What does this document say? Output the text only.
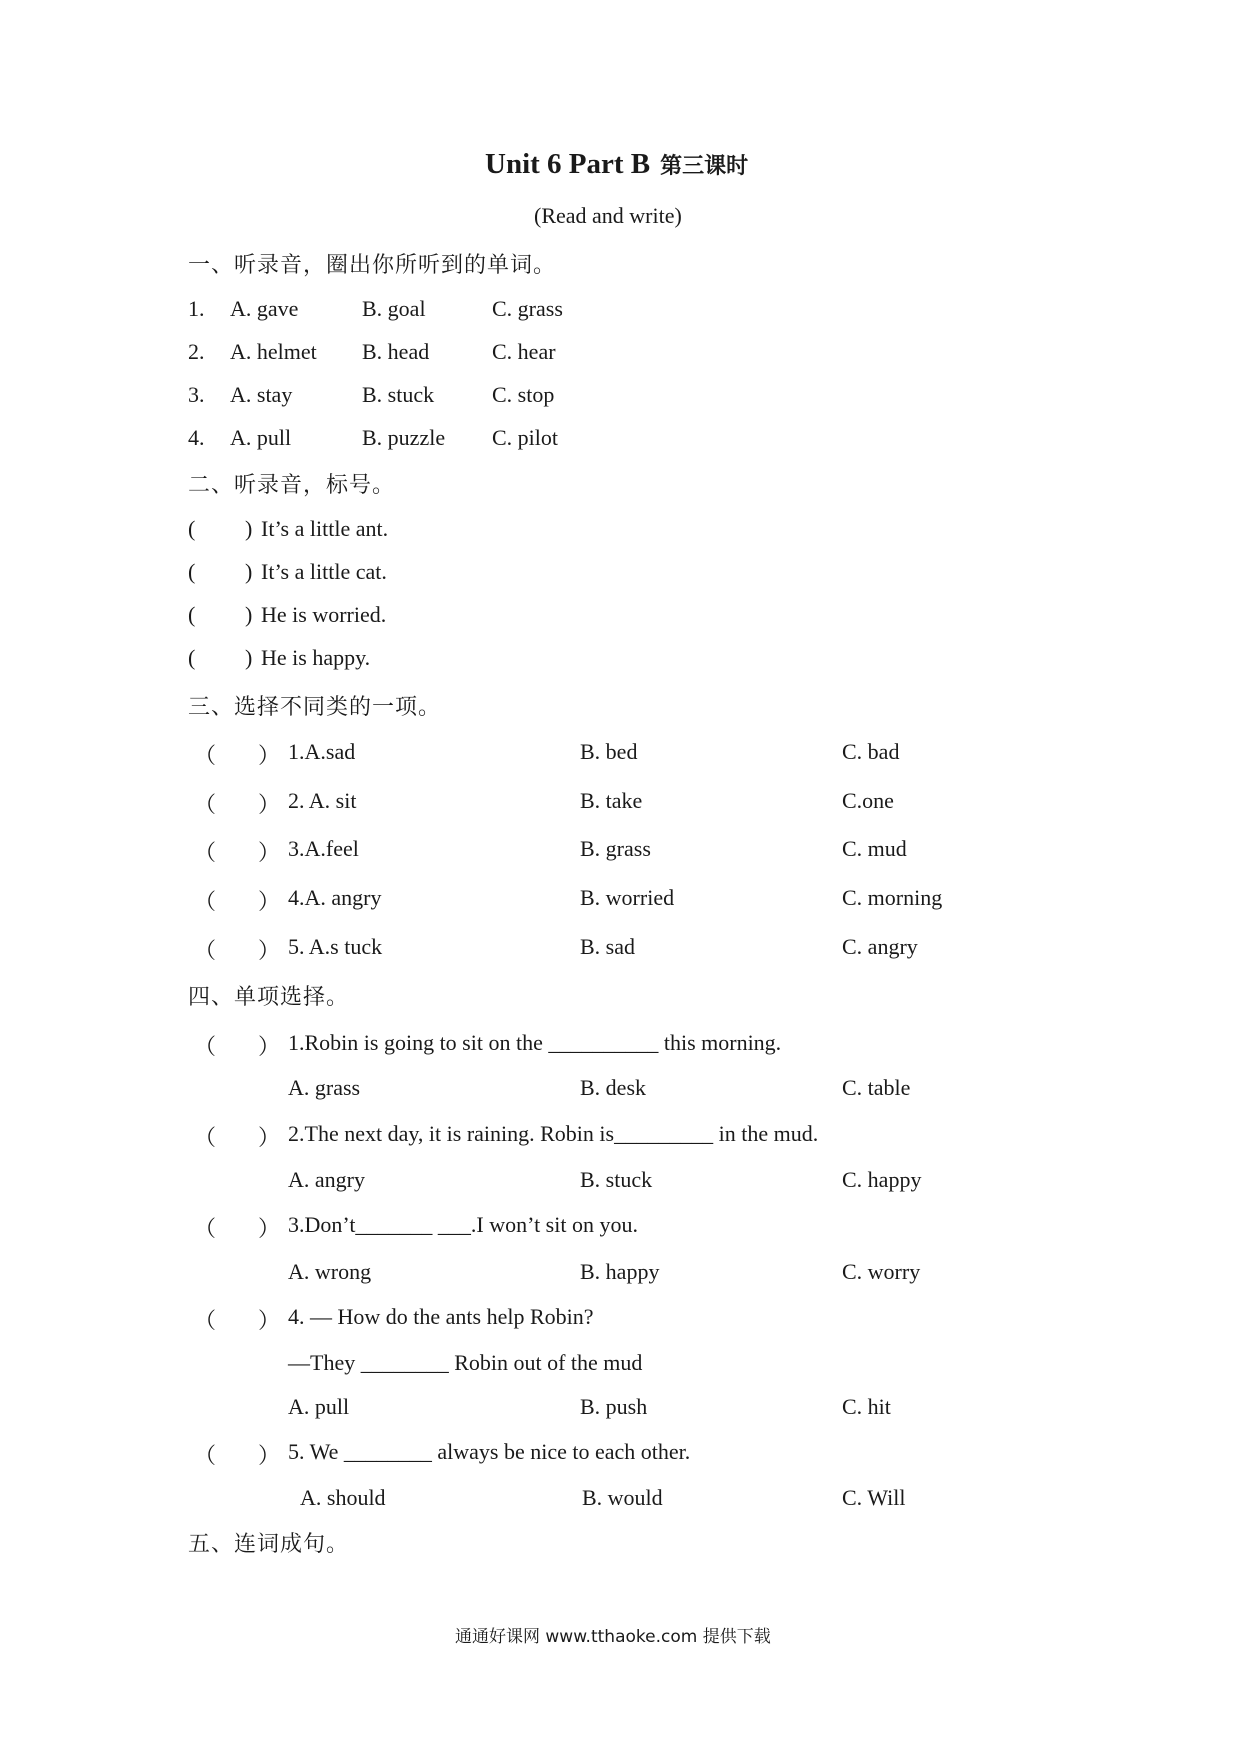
Unit 6 Part B 第三课时
(Read and write)
一、听录音，圈出你所听到的单词。
1. A. gave	B. goal	C. grass
2. A. helmet B. head	C. hear
3. A. stay	B. stuck	C. stop
4. A. pull	B. puzzle C. pilot
二、听录音，标号。
( ) It’s a little ant.
( ) It’s a little cat.
( ) He is worried.
( ) He is happy.
三、选择不同类的一项。
（ ） 1.A.sad	B. bed	C. bad
（ ） 2. A. sit	B. take	C.one
（ ） 3.A.feel	B. grass	C. mud
（ ） 4.A. angry	B. worried	C. morning
（ ） 5. A.s tuck	B. sad	C. angry
四、单项选择。
（ ） 1.Robin is going to sit on the __________ this morning.
A. grass	B. desk	C. table
（ ） 2.The next day, it is raining. Robin is_________ in the mud.
A. angry	B. stuck	C. happy
（ ） 3.Don’t_______ ___.I won’t sit on you.
A. wrong	B. happy	C. worry
（ ） 4. — How do the ants help Robin?
—They ________ Robin out of the mud
A. pull	B. push	C. hit
（ ） 5. We ________ always be nice to each other.
A. should	B. would	C. Will
五、连词成句。
通通好课网 www.tthaoke.com 提供下载
